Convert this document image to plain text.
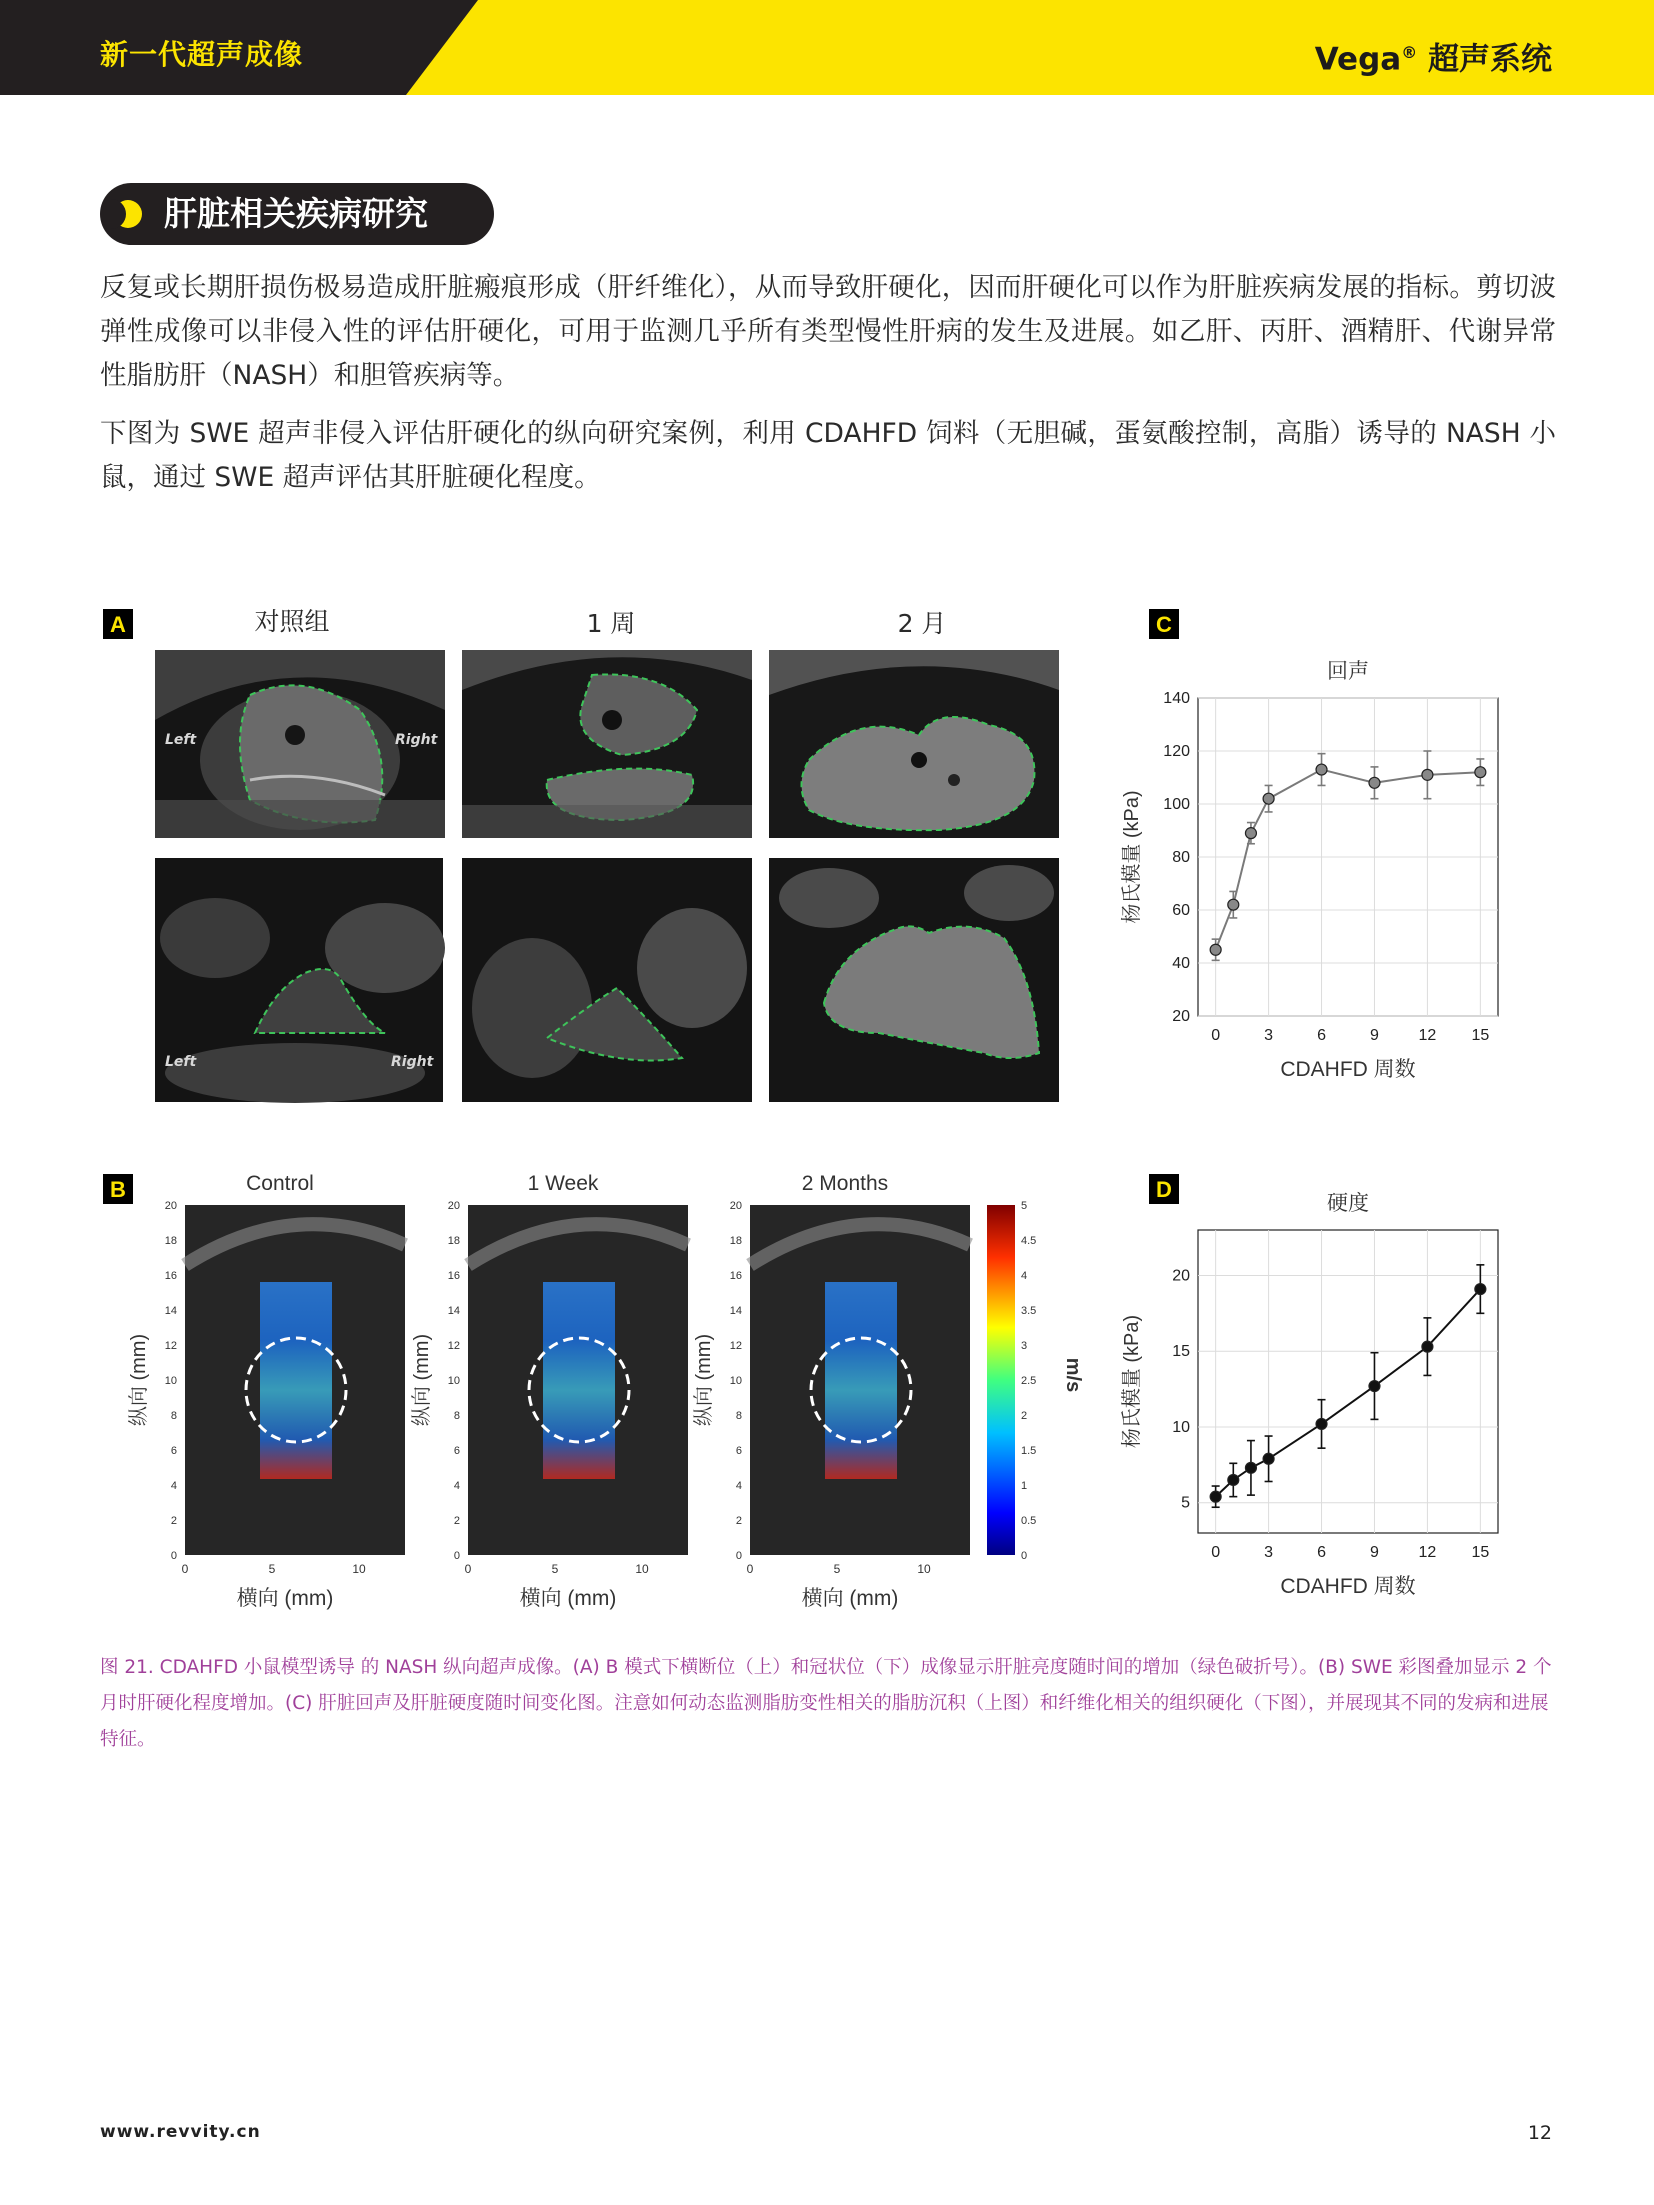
新一代超声成像	Vega® 超声系统
肝脏相关疾病研究

反复或长期肝损伤极易造成肝脏瘢痕形成（肝纤维化），从而导致肝硬化，因而肝硬化可以作为肝脏疾病发展的指标。剪切波弹性成像可以非侵入性的评估肝硬化，可用于监测几乎所有类型慢性肝病的发生及进展。如乙肝、丙肝、酒精肝、代谢异常性脂肪肝（NASH）和胆管疾病等。

下图为 SWE 超声非侵入评估肝硬化的纵向研究案例，利用 CDAHFD 饲料（无胆碱，蛋氨酸控制，高脂）诱导的 NASH 小鼠，通过 SWE 超声评估其肝脏硬化程度。

A	对照组	1 周	2 月
Left	Right
Left	Right
B	Control
0
2
4
6
8
10
12
14
16
18
20
0	5	10
横向 (mm)
纵向 (mm)
1 Week
0
2
4
6
8
10
12
14
16
18
20
0	5	10
横向 (mm)
纵向 (mm)
2 Months
0
2
4
6
8
10
12
14
16
18
20
0	5	10
横向 (mm)
纵向 (mm)
0
0.5
1
1.5
2
2.5
3
3.5
4
4.5
5
m/s
C
回声
20
40
60
80
100
120
140
0	3	6	9 12 15
CDAHFD 周数
杨氏模量 (kPa)
D
硬度
5
10
15
20
0	3	6	9 12 15
CDAHFD 周数
杨氏模量 (kPa)

图 21. CDAHFD 小鼠模型诱导 的 NASH 纵向超声成像。(A) B 模式下横断位（上）和冠状位（下）成像显示肝脏亮度随时间的增加（绿色破折号）。(B) SWE 彩图叠加显示 2 个月时肝硬化程度增加。(C) 肝脏回声及肝脏硬度随时间变化图。注意如何动态监测脂肪变性相关的脂肪沉积（上图）和纤维化相关的组织硬化（下图），并展现其不同的发病和进展特征。

www.revvity.cn	12
